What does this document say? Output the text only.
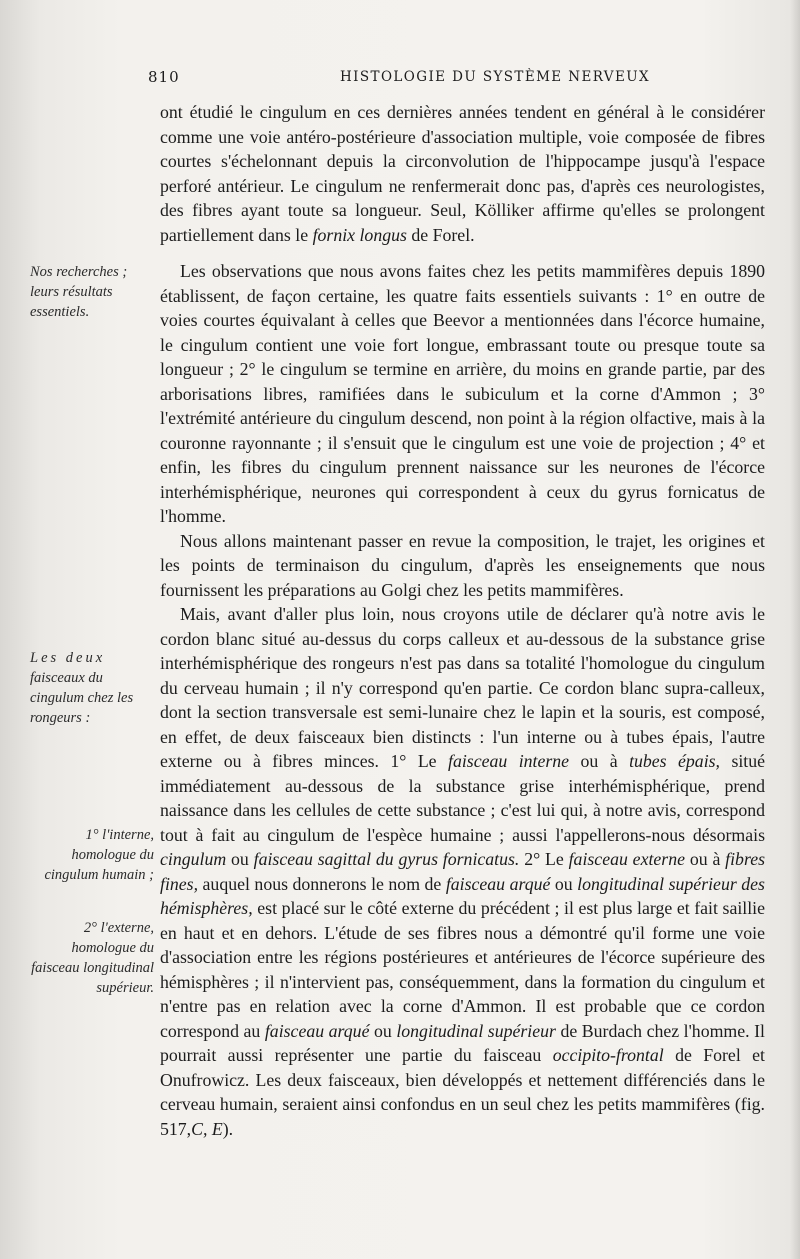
810	HISTOLOGIE DU SYSTÈME NERVEUX
Nos recherches ; leurs résultats essentiels.
Les deux faisceaux du cingulum chez les rongeurs :
1° l'interne, homologue du cingulum humain ;
2° l'externe, homologue du faisceau longitudinal supérieur.

ont étudié le cingulum en ces dernières années tendent en général à le considérer comme une voie antéro-postérieure d'association multiple, voie composée de fibres courtes s'échelonnant depuis la circonvolution de l'hippocampe jusqu'à l'espace perforé antérieur. Le cingulum ne renfermerait donc pas, d'après ces neurologistes, des fibres ayant toute sa longueur. Seul, Kölliker affirme qu'elles se prolongent partiellement dans le fornix longus de Forel.

Les observations que nous avons faites chez les petits mammifères depuis 1890 établissent, de façon certaine, les quatre faits essentiels suivants : 1° en outre de voies courtes équivalant à celles que Beevor a mentionnées dans l'écorce humaine, le cingulum contient une voie fort longue, embrassant toute ou presque toute sa longueur ; 2° le cingulum se termine en arrière, du moins en grande partie, par des arborisations libres, ramifiées dans le subiculum et la corne d'Ammon ; 3° l'extrémité antérieure du cingulum descend, non point à la région olfactive, mais à la couronne rayonnante ; il s'ensuit que le cingulum est une voie de projection ; 4° et enfin, les fibres du cingulum prennent naissance sur les neurones de l'écorce interhémisphérique, neurones qui correspondent à ceux du gyrus fornicatus de l'homme.

Nous allons maintenant passer en revue la composition, le trajet, les origines et les points de terminaison du cingulum, d'après les enseignements que nous fournissent les préparations au Golgi chez les petits mammifères.

Mais, avant d'aller plus loin, nous croyons utile de déclarer qu'à notre avis le cordon blanc situé au-dessus du corps calleux et au-dessous de la substance grise interhémisphérique des rongeurs n'est pas dans sa totalité l'homologue du cingulum du cerveau humain ; il n'y correspond qu'en partie. Ce cordon blanc supra-calleux, dont la section transversale est semi-lunaire chez le lapin et la souris, est composé, en effet, de deux faisceaux bien distincts : l'un interne ou à tubes épais, l'autre externe ou à fibres minces. 1° Le faisceau interne ou à tubes épais, situé immédiatement au-dessous de la substance grise interhémisphérique, prend naissance dans les cellules de cette substance ; c'est lui qui, à notre avis, correspond tout à fait au cingulum de l'espèce humaine ; aussi l'appellerons-nous désormais cingulum ou faisceau sagittal du gyrus fornicatus. 2° Le faisceau externe ou à fibres fines, auquel nous donnerons le nom de faisceau arqué ou longitudinal supérieur des hémisphères, est placé sur le côté externe du précédent ; il est plus large et fait saillie en haut et en dehors. L'étude de ses fibres nous a démontré qu'il forme une voie d'association entre les régions postérieures et antérieures de l'écorce supérieure des hémisphères ; il n'intervient pas, conséquemment, dans la formation du cingulum et n'entre pas en relation avec la corne d'Ammon. Il est probable que ce cordon correspond au faisceau arqué ou longitudinal supérieur de Burdach chez l'homme. Il pourrait aussi représenter une partie du faisceau occipito-frontal de Forel et Onufrowicz. Les deux faisceaux, bien développés et nettement différenciés dans le cerveau humain, seraient ainsi confondus en un seul chez les petits mammifères (fig. 517,C, E).
